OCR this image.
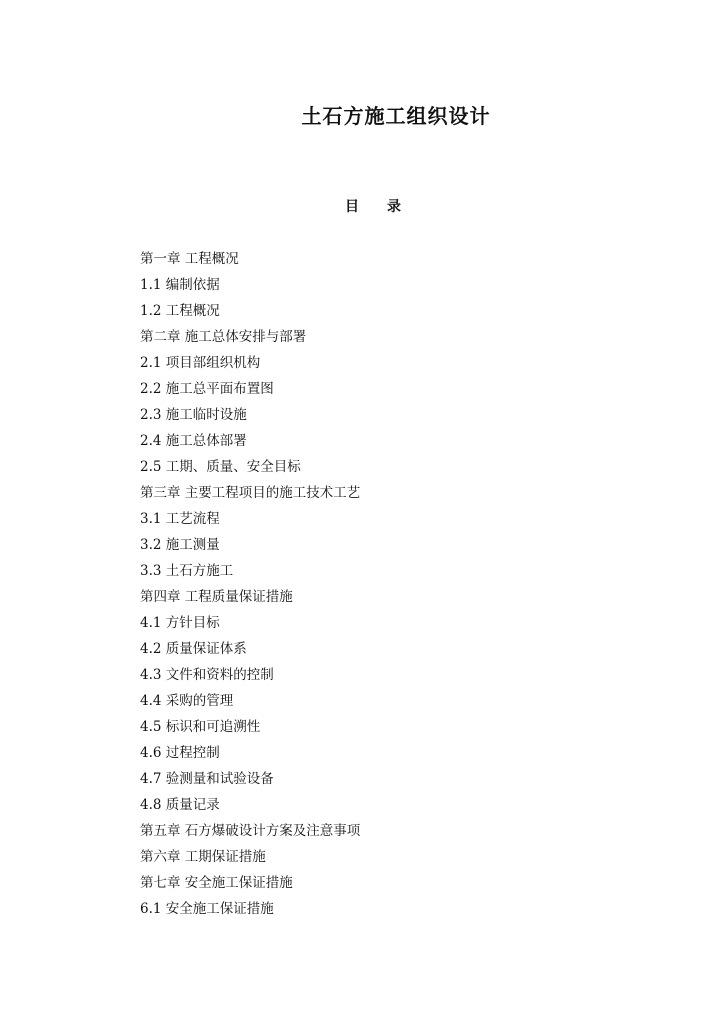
土石方施工组织设计
目 录
第一章 工程概况
1.1 编制依据
1.2 工程概况
第二章 施工总体安排与部署
2.1 项目部组织机构
2.2 施工总平面布置图
2.3 施工临时设施
2.4 施工总体部署
2.5 工期、质量、安全目标
第三章 主要工程项目的施工技术工艺
3.1 工艺流程
3.2 施工测量
3.3 土石方施工
第四章 工程质量保证措施
4.1 方针目标
4.2 质量保证体系
4.3 文件和资料的控制
4.4 采购的管理
4.5 标识和可追溯性
4.6 过程控制
4.7 验测量和试验设备
4.8 质量记录
第五章 石方爆破设计方案及注意事项
第六章 工期保证措施
第七章 安全施工保证措施
6.1 安全施工保证措施
